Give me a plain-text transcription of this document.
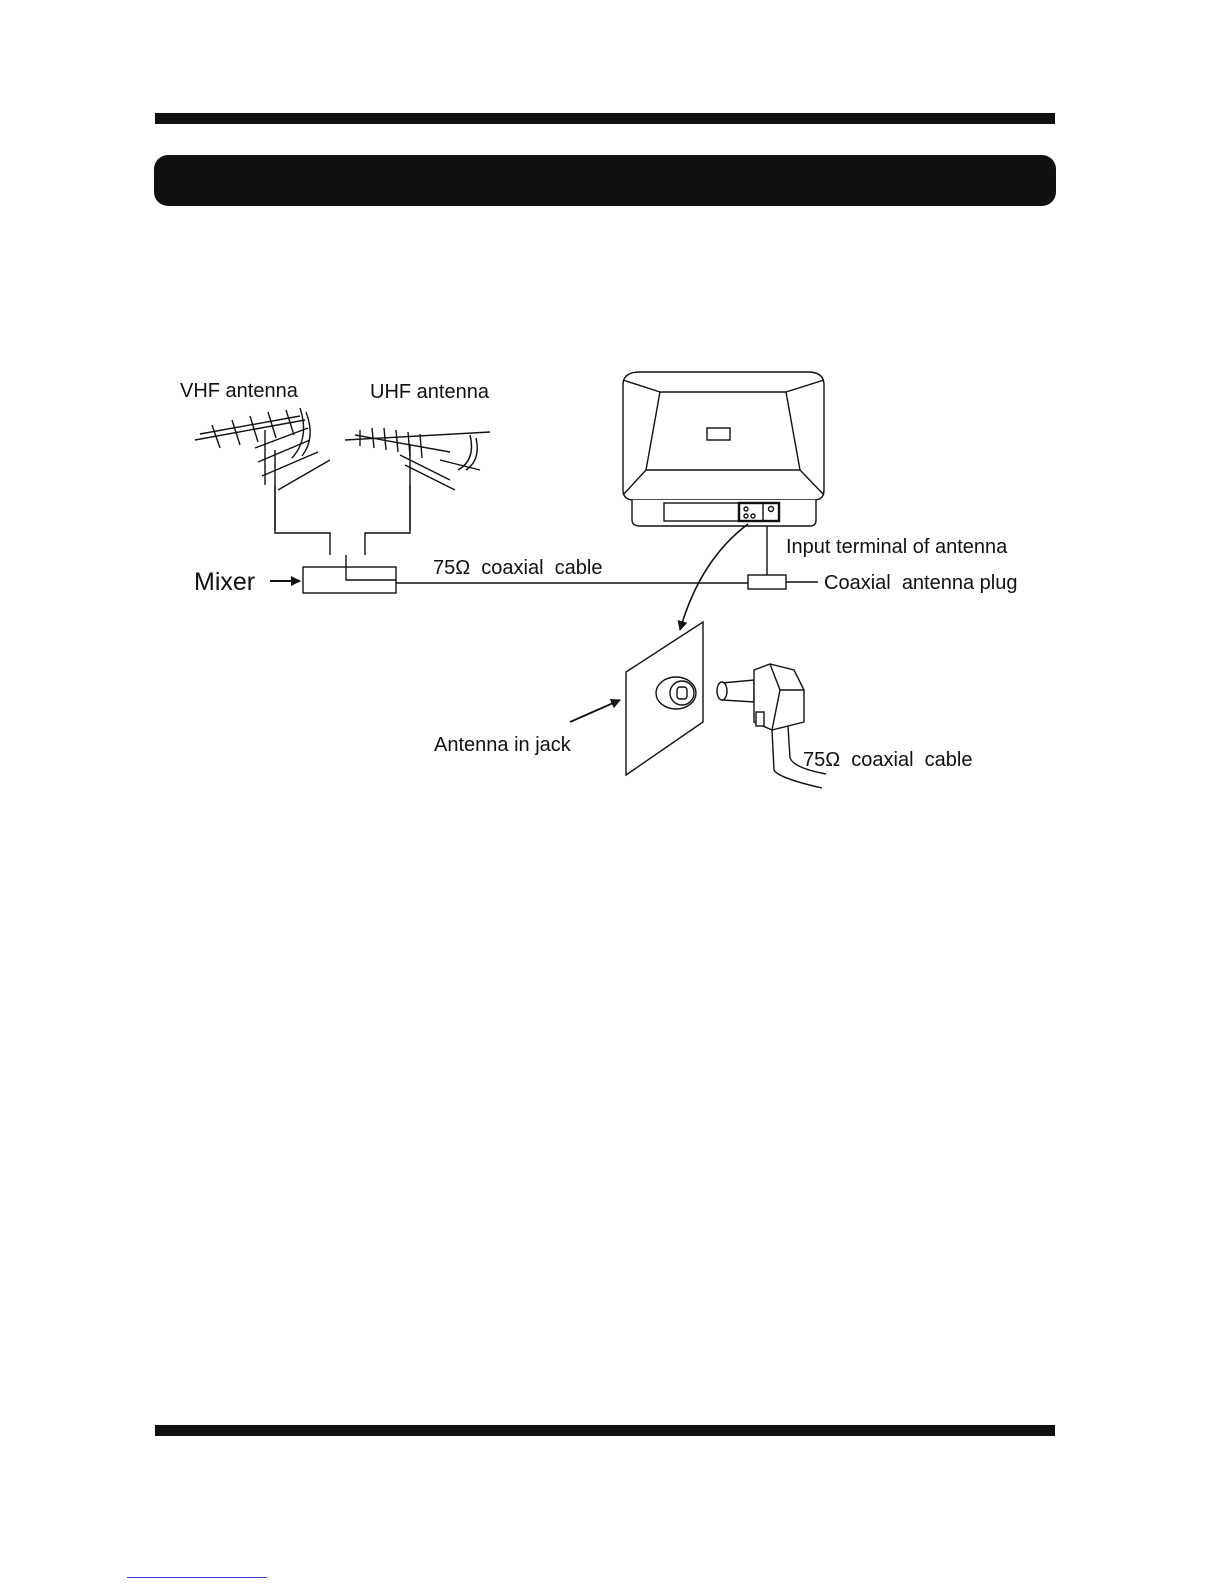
VHF antenna	UHF antenna
Mixer	75Ω  coaxial  cable
Input terminal of antenna
Coaxial  antenna plug
Antenna in jack
75Ω  coaxial  cable
